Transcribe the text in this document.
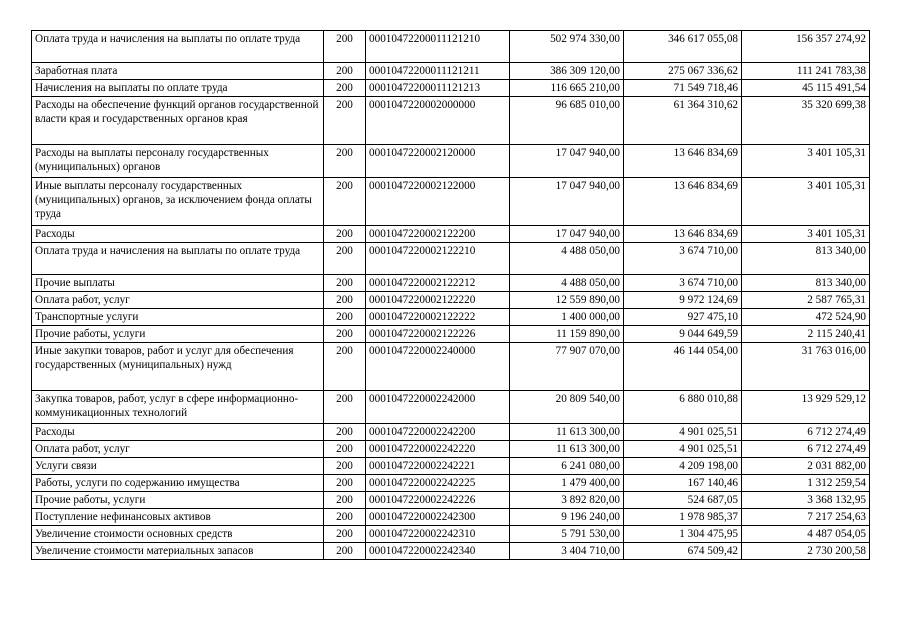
Оплата труда и начисления на выплаты по оплате труда	200	00010472200011121210	502 974 330,00	346 617 055,08	156 357 274,92
Заработная плата	200	00010472200011121211	386 309 120,00	275 067 336,62	111 241 783,38
Начисления на выплаты по оплате труда	200	00010472200011121213	116 665 210,00	71 549 718,46	45 115 491,54
Расходы на обеспечение функций органов государственной власти края и государственных органов края	200	0001047220002000000	96 685 010,00	61 364 310,62	35 320 699,38
Расходы на выплаты персоналу государственных (муниципальных) органов	200	0001047220002120000	17 047 940,00	13 646 834,69	3 401 105,31
Иные выплаты персоналу государственных (муниципальных) органов, за исключением фонда оплаты труда	200	0001047220002122000	17 047 940,00	13 646 834,69	3 401 105,31
Расходы	200	0001047220002122200	17 047 940,00	13 646 834,69	3 401 105,31
Оплата труда и начисления на выплаты по оплате труда	200	0001047220002122210	4 488 050,00	3 674 710,00	813 340,00
Прочие выплаты	200	0001047220002122212	4 488 050,00	3 674 710,00	813 340,00
Оплата работ, услуг	200	0001047220002122220	12 559 890,00	9 972 124,69	2 587 765,31
Транспортные услуги	200	0001047220002122222	1 400 000,00	927 475,10	472 524,90
Прочие работы, услуги	200	0001047220002122226	11 159 890,00	9 044 649,59	2 115 240,41
Иные закупки товаров, работ и услуг для обеспечения государственных (муниципальных) нужд	200	0001047220002240000	77 907 070,00	46 144 054,00	31 763 016,00
Закупка товаров, работ, услуг в сфере информационно-коммуникационных технологий	200	0001047220002242000	20 809 540,00	6 880 010,88	13 929 529,12
Расходы	200	0001047220002242200	11 613 300,00	4 901 025,51	6 712 274,49
Оплата работ, услуг	200	0001047220002242220	11 613 300,00	4 901 025,51	6 712 274,49
Услуги связи	200	0001047220002242221	6 241 080,00	4 209 198,00	2 031 882,00
Работы, услуги по содержанию имущества	200	0001047220002242225	1 479 400,00	167 140,46	1 312 259,54
Прочие работы, услуги	200	0001047220002242226	3 892 820,00	524 687,05	3 368 132,95
Поступление нефинансовых активов	200	0001047220002242300	9 196 240,00	1 978 985,37	7 217 254,63
Увеличение стоимости основных средств	200	0001047220002242310	5 791 530,00	1 304 475,95	4 487 054,05
Увеличение стоимости материальных запасов	200	0001047220002242340	3 404 710,00	674 509,42	2 730 200,58
